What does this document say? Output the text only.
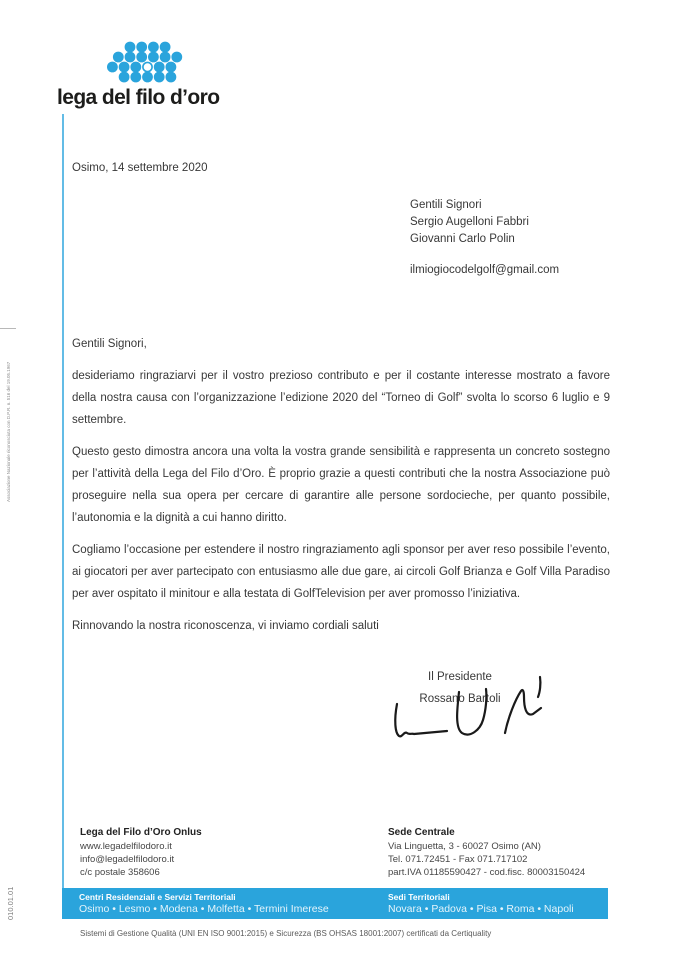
lega del filo d’oro
Associazione Nazionale riconosciuta con D.P.R. n. 516 del 19.05.1967
010.01.01
Osimo, 14 settembre 2020
Gentili Signori
Sergio Augelloni Fabbri
Giovanni Carlo Polin
ilmiogiocodelgolf@gmail.com

Gentili Signori,

desideriamo ringraziarvi per il vostro prezioso contributo e per il costante interesse mostrato a favore della nostra causa con l’organizzazione l’edizione 2020 del “Torneo di Golf” svolta lo scorso 6 luglio e 9 settembre.

Questo gesto dimostra ancora una volta la vostra grande sensibilità e rappresenta un concreto sostegno per l’attività della Lega del Filo d’Oro. È proprio grazie a questi contributi che la nostra Associazione può proseguire nella sua opera per cercare di garantire alle persone sordocieche, per quanto possibile, l’autonomia e la dignità a cui hanno diritto.

Cogliamo l’occasione per estendere il nostro ringraziamento agli sponsor per aver reso possibile l’evento, ai giocatori per aver partecipato con entusiasmo alle due gare, ai circoli Golf Brianza e Golf Villa Paradiso per aver ospitato il minitour e alla testata di GolfTelevision per aver promosso l’iniziativa.

Rinnovando la nostra riconoscenza, vi inviamo cordiali saluti

Il Presidente
Rossano Bartoli
Lega del Filo d’Oro Onlus
www.legadelfilodoro.it
info@legadelfilodoro.it
c/c postale 358606
Sede Centrale
Via Linguetta, 3 - 60027 Osimo (AN)
Tel. 071.72451 - Fax 071.717102
part.IVA 01185590427 - cod.fisc. 80003150424
Centri Residenziali e Servizi Territoriali
Osimo • Lesmo • Modena • Molfetta • Termini Imerese
Sedi Territoriali
Novara • Padova • Pisa • Roma • Napoli
Sistemi di Gestione Qualità (UNI EN ISO 9001:2015) e Sicurezza (BS OHSAS 18001:2007) certificati da Certiquality
